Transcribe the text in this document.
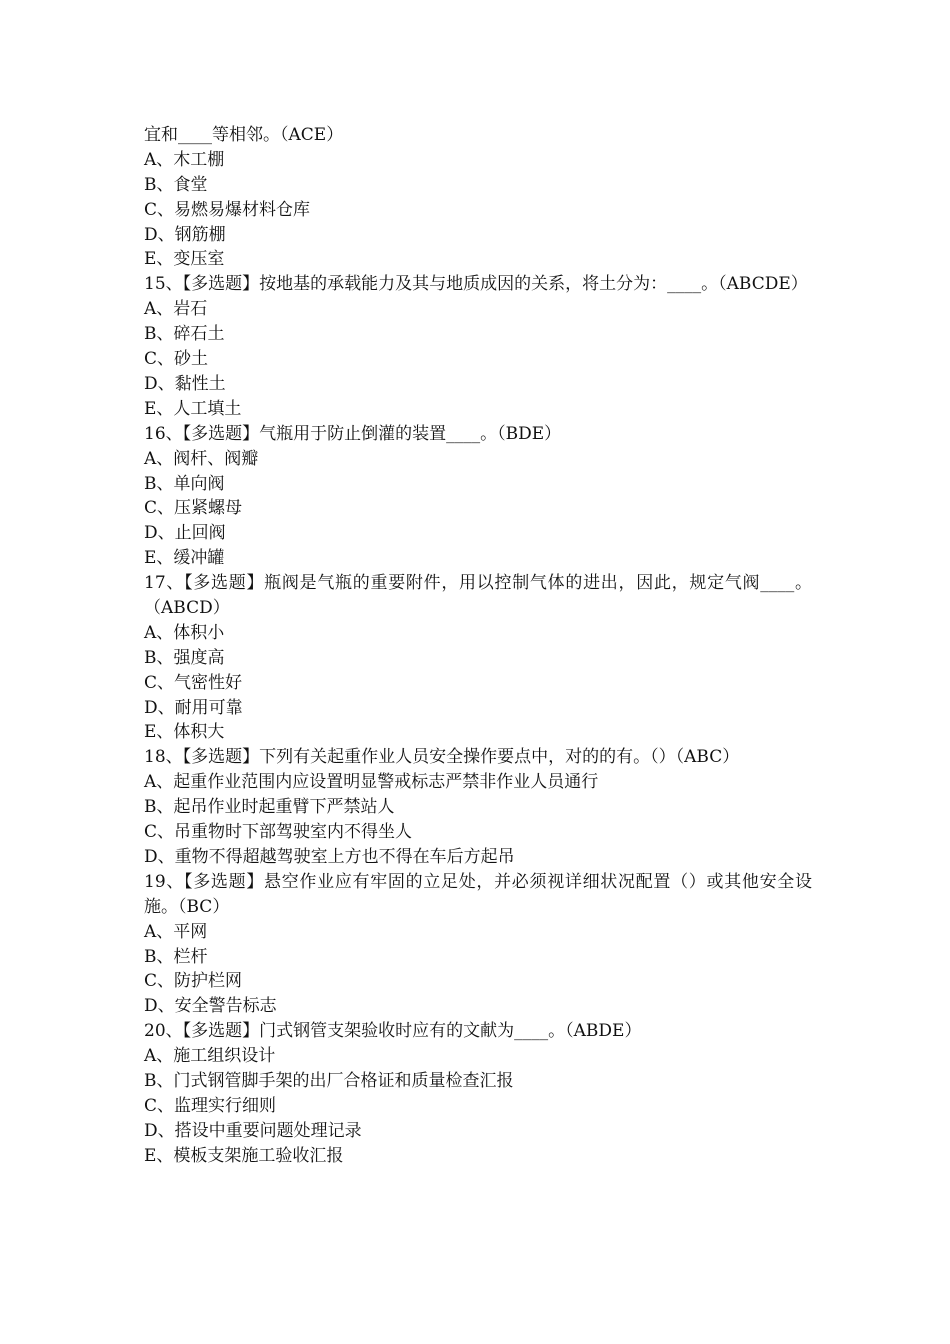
宜和____等相邻。（ACE）
A、木工棚
B、食堂
C、易燃易爆材料仓库
D、钢筋棚
E、变压室
15、【多选题】按地基的承载能力及其与地质成因的关系，将土分为：____。（ABCDE）
A、岩石
B、碎石土
C、砂土
D、黏性土
E、人工填土
16、【多选题】气瓶用于防止倒灌的装置____。（BDE）
A、阀杆、阀瓣
B、单向阀
C、压紧螺母
D、止回阀
E、缓冲罐
17、【多选题】瓶阀是气瓶的重要附件，用以控制气体的进出，因此，规定气阀____。（ABCD）
A、体积小
B、强度高
C、气密性好
D、耐用可靠
E、体积大
18、【多选题】下列有关起重作业人员安全操作要点中，对的的有。（）（ABC）
A、起重作业范围内应设置明显警戒标志严禁非作业人员通行
B、起吊作业时起重臂下严禁站人
C、吊重物时下部驾驶室内不得坐人
D、重物不得超越驾驶室上方也不得在车后方起吊
19、【多选题】悬空作业应有牢固的立足处，并必须视详细状况配置（）或其他安全设施。（BC）
A、平网
B、栏杆
C、防护栏网
D、安全警告标志
20、【多选题】门式钢管支架验收时应有的文献为____。（ABDE）
A、施工组织设计
B、门式钢管脚手架的出厂合格证和质量检查汇报
C、监理实行细则
D、搭设中重要问题处理记录
E、模板支架施工验收汇报
